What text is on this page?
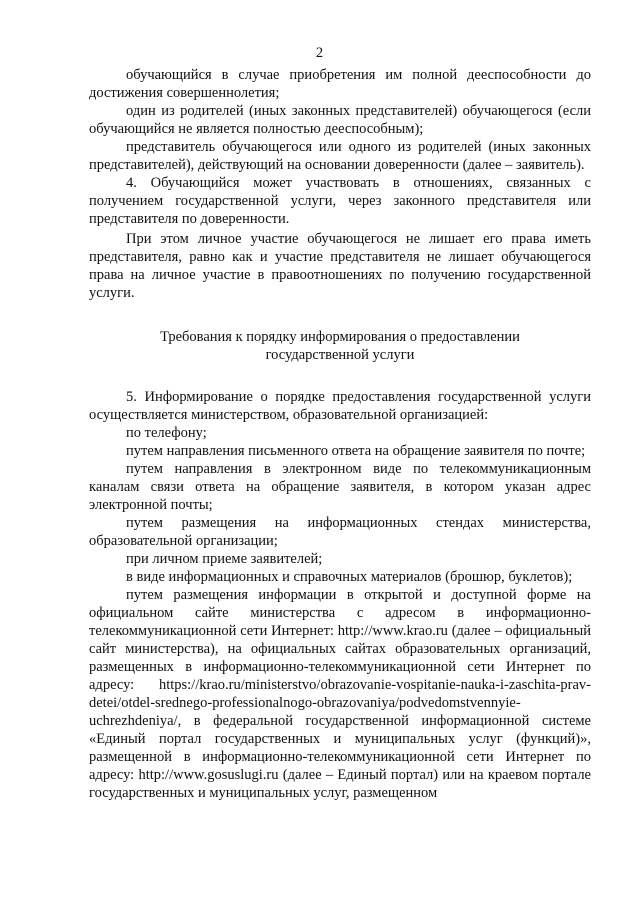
2

обучающийся в случае приобретения им полной дееспособности до достижения совершеннолетия;

один из родителей (иных законных представителей) обучающегося (если обучающийся не является полностью дееспособным);

представитель обучающегося или одного из родителей (иных законных представителей), действующий на основании доверенности (далее – заявитель).

4. Обучающийся может участвовать в отношениях, связанных с получением государственной услуги, через законного представителя или представителя по доверенности.

При этом личное участие обучающегося не лишает его права иметь представителя, равно как и участие представителя не лишает обучающегося права на личное участие в правоотношениях по получению государственной услуги.

Требования к порядку информирования о предоставлении
государственной услуги

5. Информирование о порядке предоставления государственной услуги осуществляется министерством, образовательной организацией:

по телефону;

путем направления письменного ответа на обращение заявителя по почте;

путем направления в электронном виде по телекоммуникационным каналам связи ответа на обращение заявителя, в котором указан адрес электронной почты;

путем размещения на информационных стендах министерства, образовательной организации;

при личном приеме заявителей;

в виде информационных и справочных материалов (брошюр, буклетов);

путем размещения информации в открытой и доступной форме на официальном сайте министерства с адресом в информационно-телекоммуникационной сети Интернет: http://www.krao.ru (далее – официальный сайт министерства), на официальных сайтах образовательных организаций, размещенных в информационно-телекоммуникационной сети Интернет по адресу: https://krao.ru/ministerstvo/obrazovanie-vospitanie-nauka-i-zaschita-prav-detei/otdel-srednego-professionalnogo-obrazovaniya/podvedomstvennyie-uchrezhdeniya/, в федеральной государственной информационной системе «Единый портал государственных и муниципальных услуг (функций)», размещенной в информационно-телекоммуникационной сети Интернет по адресу: http://www.gosuslugi.ru (далее – Единый портал) или на краевом портале государственных и муниципальных услуг, размещенном
